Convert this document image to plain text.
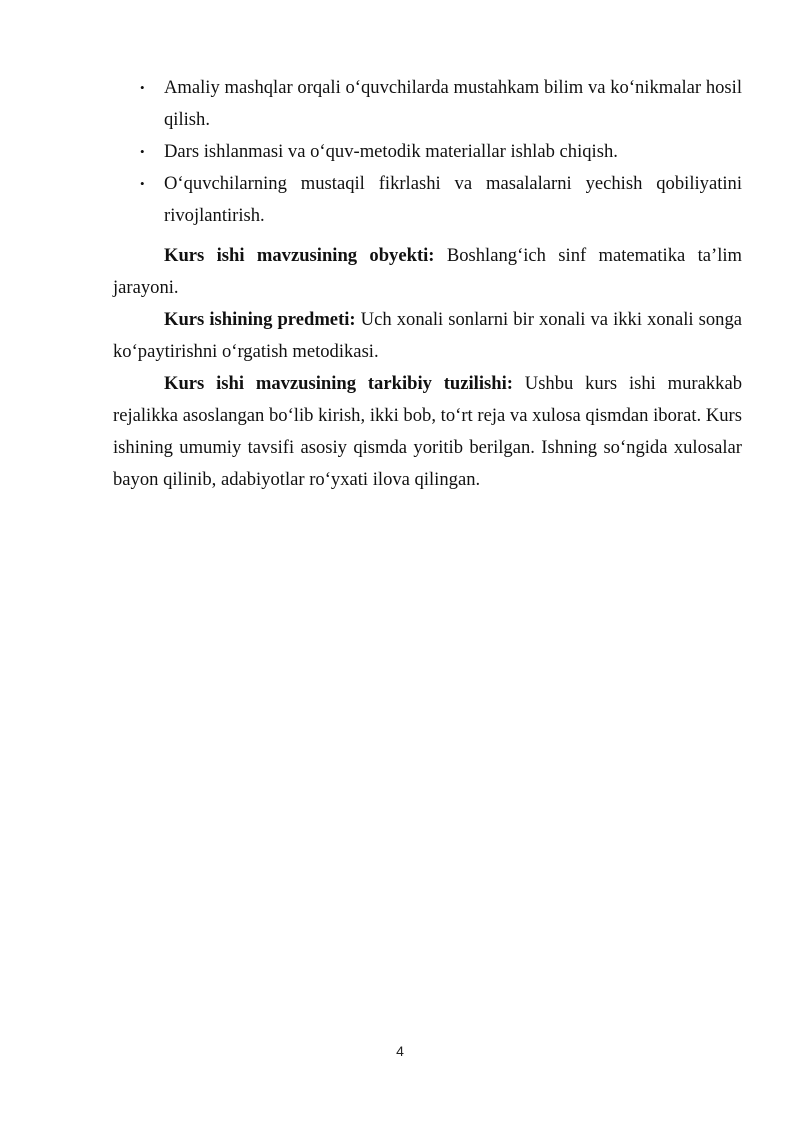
• Amaliy mashqlar orqali o‘quvchilarda mustahkam bilim va ko‘nikmalar hosil qilish.
• Dars ishlanmasi va o‘quv-metodik materiallar ishlab chiqish.
• O‘quvchilarning mustaqil fikrlashi va masalalarni yechish qobiliyatini rivojlantirish.

Kurs ishi mavzusining obyekti: Boshlang‘ich sinf matematika ta’lim jarayoni.

Kurs ishining predmeti: Uch xonali sonlarni bir xonali va ikki xonali songa ko‘paytirishni o‘rgatish metodikasi.

Kurs ishi mavzusining tarkibiy tuzilishi: Ushbu kurs ishi murakkab rejalikka asoslangan bo‘lib kirish, ikki bob, to‘rt reja va xulosa qismdan iborat. Kurs ishining umumiy tavsifi asosiy qismda yoritib berilgan. Ishning so‘ngida xulosalar bayon qilinib, adabiyotlar ro‘yxati ilova qilingan.

4
